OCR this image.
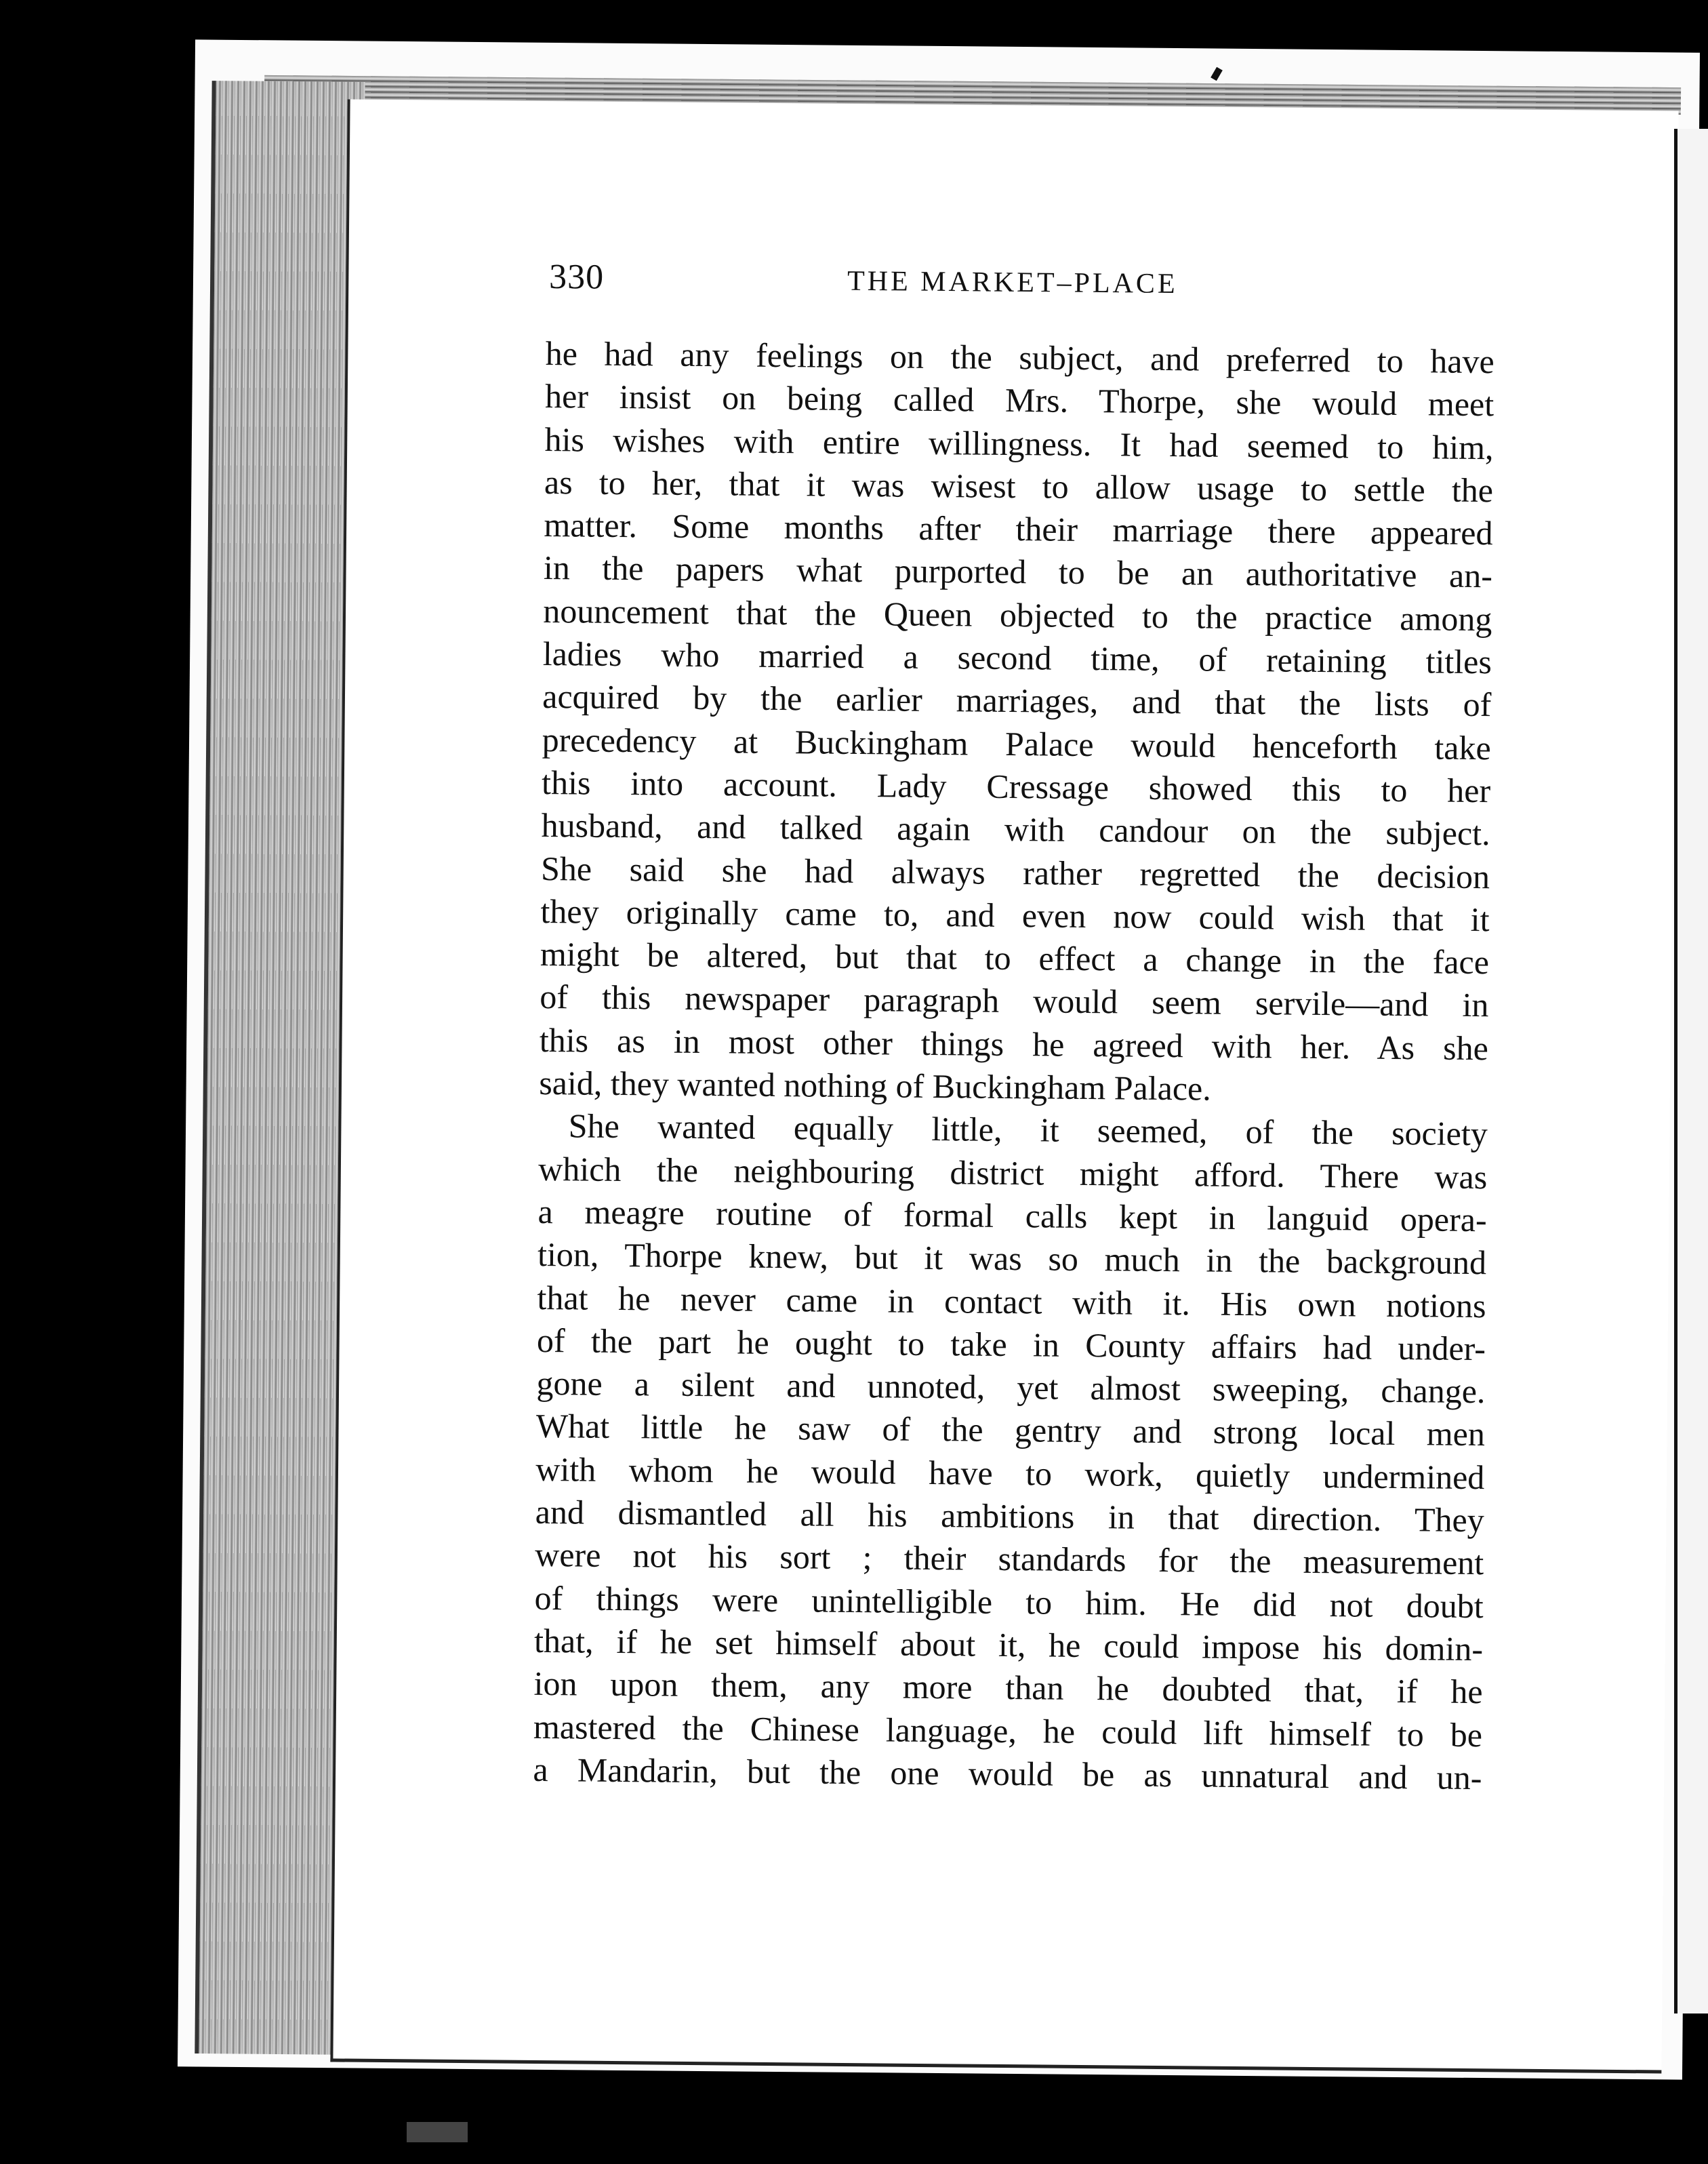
330	THE MARKET–PLACE
he had any feelings on the subject, and preferred to have
her insist on being called Mrs. Thorpe, she would meet
his wishes with entire willingness. It had seemed to him,
as to her, that it was wisest to allow usage to settle the
matter. Some months after their marriage there appeared
in the papers what purported to be an authoritative an-
nouncement that the Queen objected to the practice among
ladies who married a second time, of retaining titles
acquired by the earlier marriages, and that the lists of
precedency at Buckingham Palace would henceforth take
this into account. Lady Cressage showed this to her
husband, and talked again with candour on the subject.
She said she had always rather regretted the decision
they originally came to, and even now could wish that it
might be altered, but that to effect a change in the face
of this newspaper paragraph would seem servile—and in
this as in most other things he agreed with her. As she
said, they wanted nothing of Buckingham Palace.
She wanted equally little, it seemed, of the society
which the neighbouring district might afford. There was
a meagre routine of formal calls kept in languid opera-
tion, Thorpe knew, but it was so much in the background
that he never came in contact with it. His own notions
of the part he ought to take in County affairs had under-
gone a silent and unnoted, yet almost sweeping, change.
What little he saw of the gentry and strong local men
with whom he would have to work, quietly undermined
and dismantled all his ambitions in that direction. They
were not his sort ; their standards for the measurement
of things were unintelligible to him. He did not doubt
that, if he set himself about it, he could impose his domin-
ion upon them, any more than he doubted that, if he
mastered the Chinese language, he could lift himself to be
a Mandarin, but the one would be as unnatural and un-
